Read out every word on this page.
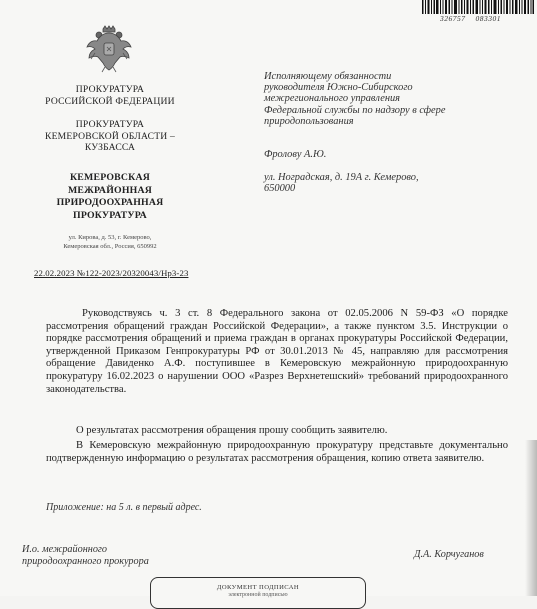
326757 083301
ПРОКУРАТУРА
РОССИЙСКОЙ ФЕДЕРАЦИИ
ПРОКУРАТУРА
КЕМЕРОВСКОЙ ОБЛАСТИ –
КУЗБАССА
КЕМЕРОВСКАЯ
МЕЖРАЙОННАЯ
ПРИРОДООХРАННАЯ
ПРОКУРАТУРА
ул. Кирова, д. 53, г. Кемерово,
Кемеровская обл., Россия, 650992
22.02.2023 №122-2023/20320043/Нр3-23
Исполняющему обязанности
руководителя Южно-Сибирского
межрегионального управления
Федеральной службы по надзору в сфере
природопользования
Фролову А.Ю.
ул. Ноградская, д. 19А г. Кемерово,
650000
Руководствуясь ч. 3 ст. 8 Федерального закона от 02.05.2006 N 59-ФЗ «О порядке рассмотрения обращений граждан Российской Федерации», а также пунктом 3.5. Инструкции о порядке рассмотрения обращений и приема граждан в органах прокуратуры Российской Федерации, утвержденной Приказом Генпрокуратуры РФ от 30.01.2013 № 45, направляю для рассмотрения обращение Давиденко А.Ф. поступившее в Кемеровскую межрайонную природоохранную прокуратуру 16.02.2023 о нарушении ООО «Разрез Верхнетешский» требований природоохранного законодательства.
О результатах рассмотрения обращения прошу сообщить заявителю.
В Кемеровскую межрайонную природоохранную прокуратуру представьте документально подтвержденную информацию о результатах рассмотрения обращения, копию ответа заявителю.
Приложение: на 5 л. в первый адрес.
И.о. межрайонного
природоохранного прокурора
Д.А. Корчуганов
ДОКУМЕНТ ПОДПИСАН
электронной подписью
